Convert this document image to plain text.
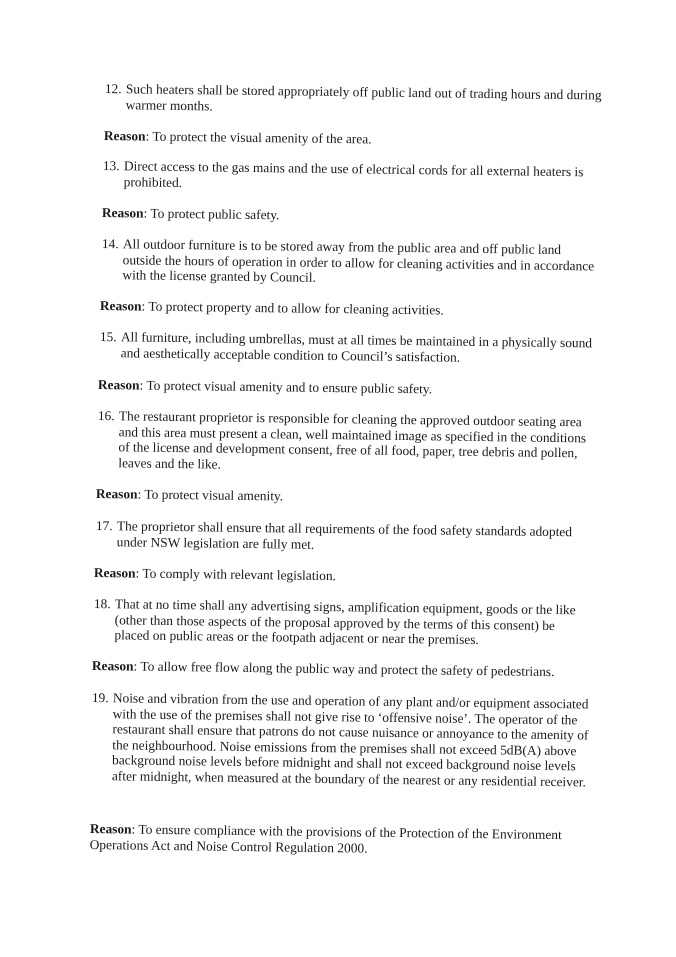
12. Such heaters shall be stored appropriately off public land out of trading hours and during warmer months.
Reason: To protect the visual amenity of the area.
13. Direct access to the gas mains and the use of electrical cords for all external heaters is prohibited.
Reason: To protect public safety.
14. All outdoor furniture is to be stored away from the public area and off public land outside the hours of operation in order to allow for cleaning activities and in accordance with the license granted by Council.
Reason: To protect property and to allow for cleaning activities.
15. All furniture, including umbrellas, must at all times be maintained in a physically sound and aesthetically acceptable condition to Council’s satisfaction.
Reason: To protect visual amenity and to ensure public safety.
16. The restaurant proprietor is responsible for cleaning the approved outdoor seating area and this area must present a clean, well maintained image as specified in the conditions of the license and development consent, free of all food, paper, tree debris and pollen, leaves and the like.
Reason: To protect visual amenity.
17. The proprietor shall ensure that all requirements of the food safety standards adopted under NSW legislation are fully met.
Reason: To comply with relevant legislation.
18. That at no time shall any advertising signs, amplification equipment, goods or the like (other than those aspects of the proposal approved by the terms of this consent) be placed on public areas or the footpath adjacent or near the premises.
Reason: To allow free flow along the public way and protect the safety of pedestrians.
19. Noise and vibration from the use and operation of any plant and/or equipment associated with the use of the premises shall not give rise to ‘offensive noise’. The operator of the restaurant shall ensure that patrons do not cause nuisance or annoyance to the amenity of the neighbourhood. Noise emissions from the premises shall not exceed 5dB(A) above background noise levels before midnight and shall not exceed background noise levels after midnight, when measured at the boundary of the nearest or any residential receiver.
Reason: To ensure compliance with the provisions of the Protection of the Environment Operations Act and Noise Control Regulation 2000.
